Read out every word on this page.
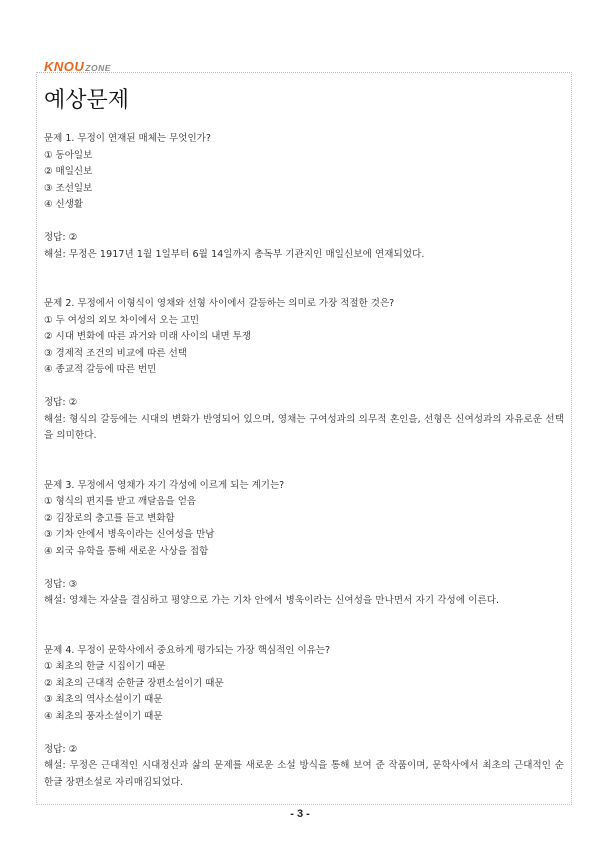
KNOUZONE
예상문제
문제 1. 무정이 연재된 매체는 무엇인가?
① 동아일보
② 매일신보
③ 조선일보
④ 신생활
정답: ②
해설: 무정은 1917년 1월 1일부터 6월 14일까지 총독부 기관지인 매일신보에 연재되었다.
문제 2. 무정에서 이형식이 영채와 선형 사이에서 갈등하는 의미로 가장 적절한 것은?
① 두 여성의 외모 차이에서 오는 고민
② 시대 변화에 따른 과거와 미래 사이의 내면 투쟁
③ 경제적 조건의 비교에 따른 선택
④ 종교적 갈등에 따른 번민
정답: ②
해설: 형식의 갈등에는 시대의 변화가 반영되어 있으며, 영채는 구여성과의 의무적 혼인을, 선형은 신여성과의 자유로운 선택을 의미한다.
문제 3. 무정에서 영채가 자기 각성에 이르게 되는 계기는?
① 형식의 편지를 받고 깨달음을 얻음
② 김장로의 충고를 듣고 변화함
③ 기차 안에서 병욱이라는 신여성을 만남
④ 외국 유학을 통해 새로운 사상을 접함
정답: ③
해설: 영채는 자살을 결심하고 평양으로 가는 기차 안에서 병욱이라는 신여성을 만나면서 자기 각성에 이른다.
문제 4. 무정이 문학사에서 중요하게 평가되는 가장 핵심적인 이유는?
① 최초의 한글 시집이기 때문
② 최초의 근대적 순한글 장편소설이기 때문
③ 최초의 역사소설이기 때문
④ 최초의 풍자소설이기 때문
정답: ②
해설: 무정은 근대적인 시대정신과 삶의 문제를 새로운 소설 방식을 통해 보여 준 작품이며, 문학사에서 최초의 근대적인 순한글 장편소설로 자리매김되었다.
- 3 -
